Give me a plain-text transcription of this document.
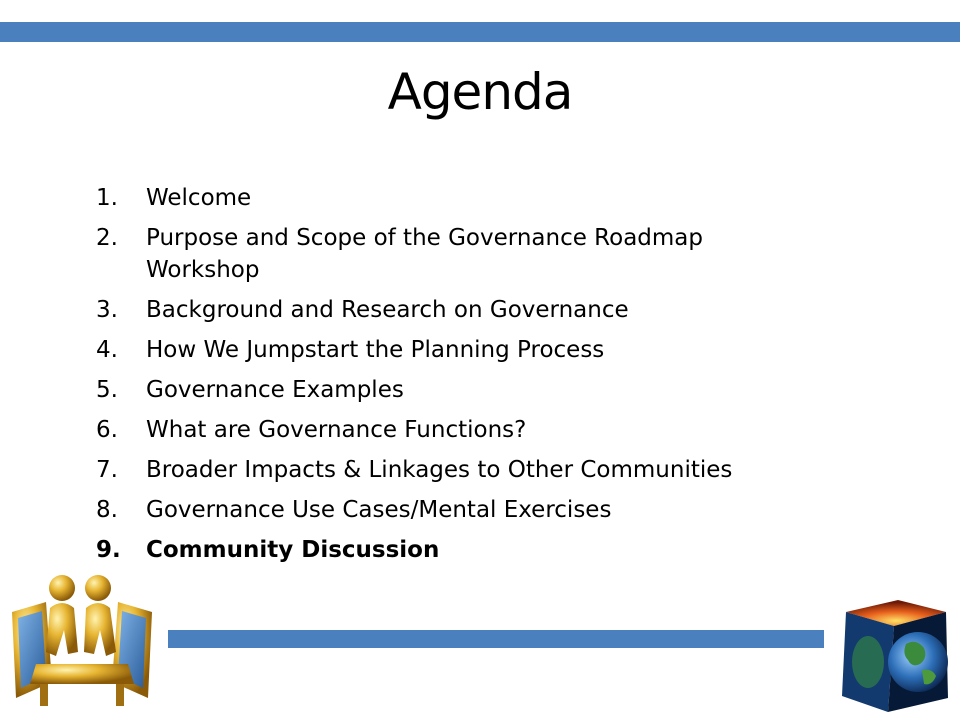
Agenda
1.	Welcome
2.	Purpose and Scope of the Governance Roadmap Workshop
3.	Background and Research on Governance
4.	How We Jumpstart the Planning Process
5.	Governance Examples
6.	What are Governance Functions?
7.	Broader Impacts & Linkages to Other Communities
8.	Governance Use Cases/Mental Exercises
9.	Community Discussion
